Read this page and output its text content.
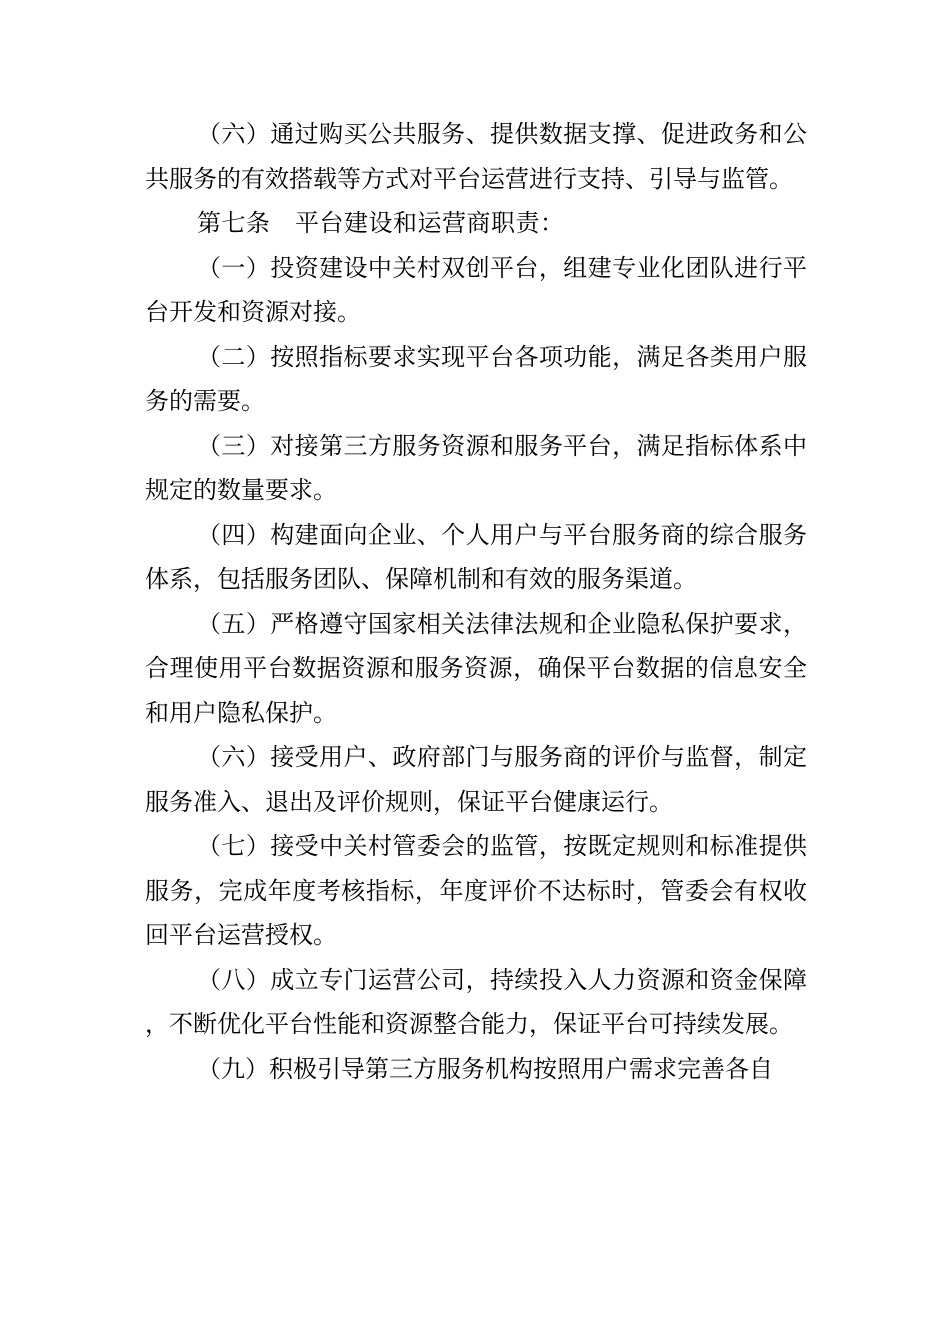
（六）通过购买公共服务、提供数据支撑、促进政务和公共服务的有效搭载等方式对平台运营进行支持、引导与监管。

第七条　平台建设和运营商职责：

（一）投资建设中关村双创平台，组建专业化团队进行平台开发和资源对接。

（二）按照指标要求实现平台各项功能，满足各类用户服务的需要。

（三）对接第三方服务资源和服务平台，满足指标体系中规定的数量要求。

（四）构建面向企业、个人用户与平台服务商的综合服务体系，包括服务团队、保障机制和有效的服务渠道。

（五）严格遵守国家相关法律法规和企业隐私保护要求，合理使用平台数据资源和服务资源，确保平台数据的信息安全和用户隐私保护。

（六）接受用户、政府部门与服务商的评价与监督，制定服务准入、退出及评价规则，保证平台健康运行。

（七）接受中关村管委会的监管，按既定规则和标准提供服务，完成年度考核指标，年度评价不达标时，管委会有权收回平台运营授权。

（八）成立专门运营公司，持续投入人力资源和资金保障，不断优化平台性能和资源整合能力，保证平台可持续发展。

（九）积极引导第三方服务机构按照用户需求完善各自
